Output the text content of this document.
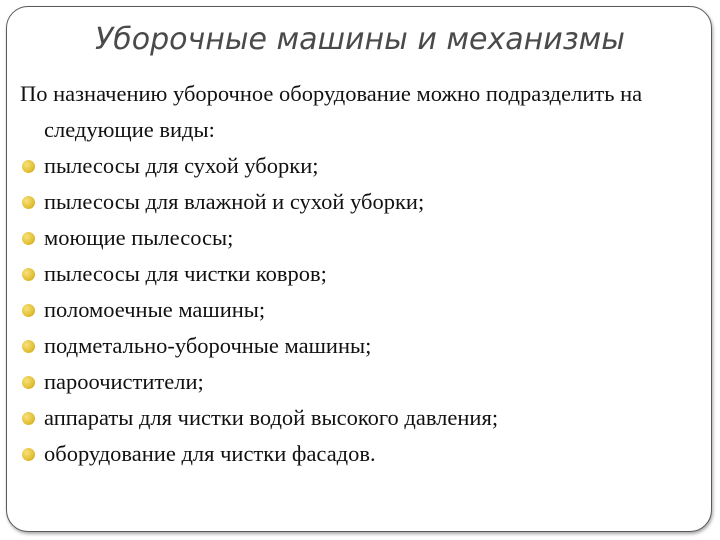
Уборочные машины и механизмы

По назначению уборочное оборудование можно подразделить на следующие виды:

пылесосы для сухой уборки;
пылесосы для влажной и сухой уборки;
моющие пылесосы;
пылесосы для чистки ковров;
поломоечные машины;
подметально-уборочные машины;
пароочистители;
аппараты для чистки водой высокого давления;
оборудование для чистки фасадов.
